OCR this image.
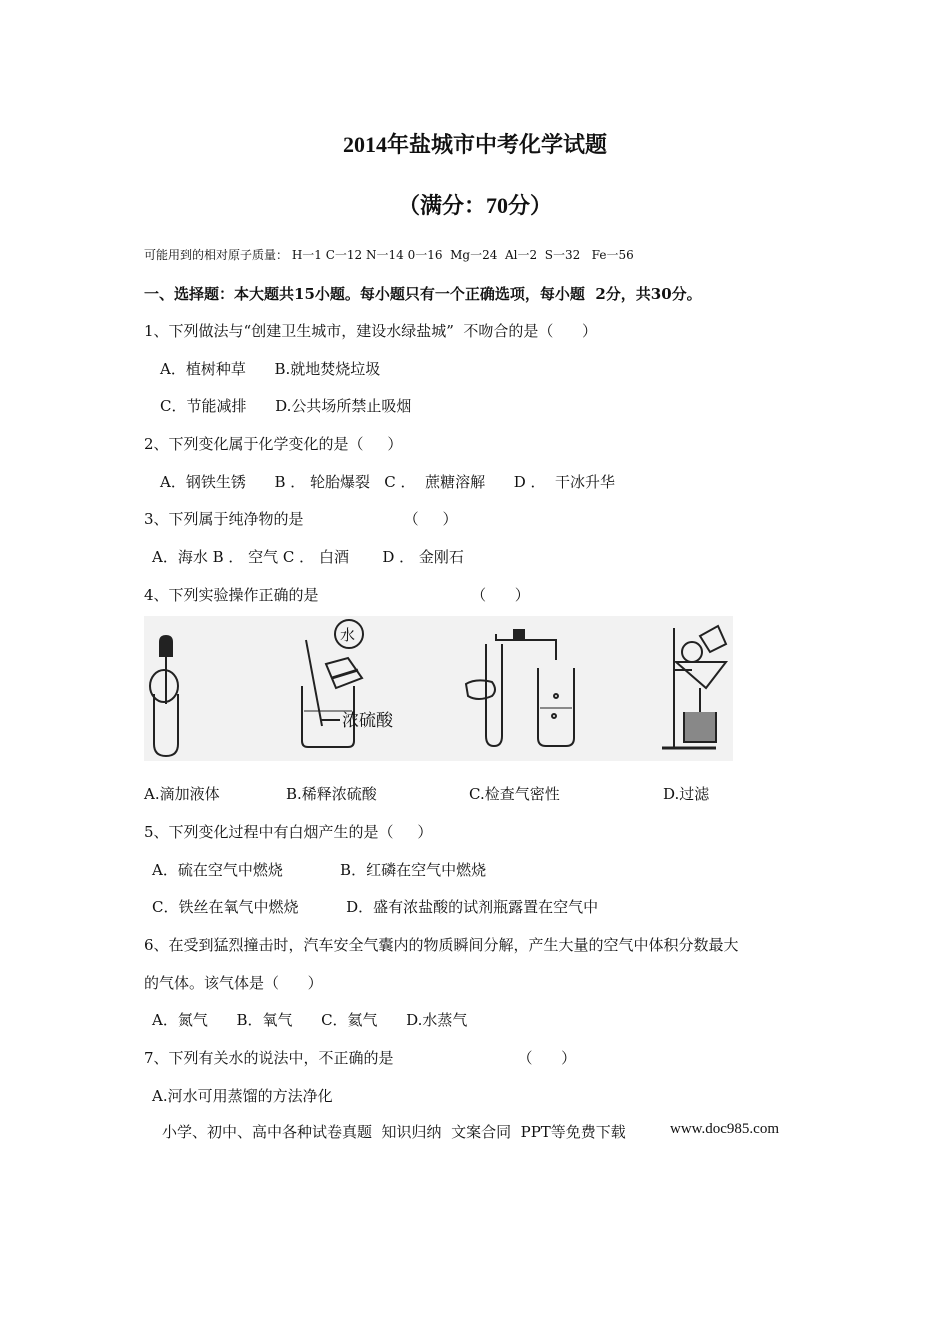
2014年盐城市中考化学试题
（满分：70分）
可能用到的相对原子质量： H一1 C一12 N一14 0一16  Mg一24  Al一2  S一32   Fe一56
一、选择题：本大题共15小题。每小题只有一个正确选项，每小题  2分，共30分。
1、下列做法与“创建卫生城市，建设水绿盐城”  不吻合的是（      ）
A．植树种草      B.就地焚烧垃圾
C．节能减排      D.公共场所禁止吸烟
2、下列变化属于化学变化的是（     ）
A．钢铁生锈      B ． 轮胎爆裂   C ．  蔗糖溶解      D ．  干冰升华
3、下列属于纯净物的是                     （     ）
A．海水 B ． 空气 C ． 白酒       D ． 金刚石
4、下列实验操作正确的是                                （      ）
水
浓硫酸
A.滴加液体	B.稀释浓硫酸	C.检查气密性	D.过滤
5、下列变化过程中有白烟产生的是（     ）
A．硫在空气中燃烧            B．红磷在空气中燃烧
C．铁丝在氧气中燃烧          D．盛有浓盐酸的试剂瓶露置在空气中
6、在受到猛烈撞击时，汽车安全气囊内的物质瞬间分解，产生大量的空气中体积分数最大
的气体。该气体是（      ）
A．氮气      B．氧气      C．氦气      D.水蒸气
7、下列有关水的说法中，不正确的是                          （      ）
A.河水可用蒸馏的方法净化
小学、初中、高中各种试卷真题  知识归纳  文案合同  PPT等免费下载	www.doc985.com
